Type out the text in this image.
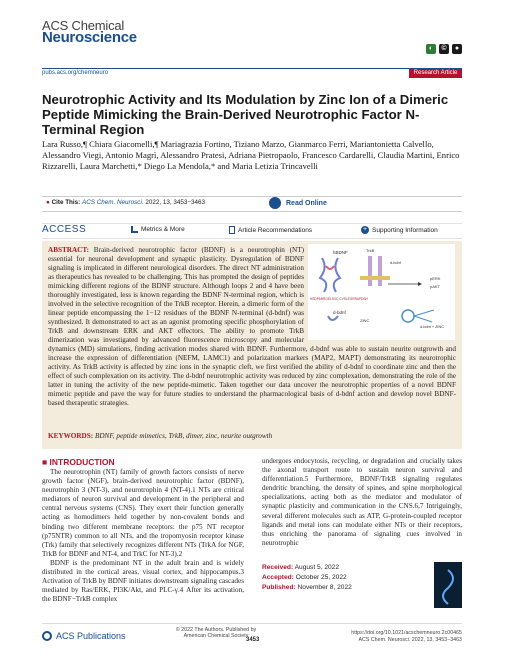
ACS Chemical
Neuroscience
◐	©	●
pubs.acs.org/chemneuro	Research Article
Neurotrophic Activity and Its Modulation by Zinc Ion of a Dimeric Peptide Mimicking the Brain-Derived Neurotrophic Factor N-Terminal Region
Lara Russo,¶ Chiara Giacomelli,¶ Mariagrazia Fortino, Tiziano Marzo, Gianmarco Ferri, Mariantonietta Calvello, Alessandro Viegi, Antonio Magrì, Alessandro Pratesi, Adriana Pietropaolo, Francesco Cardarelli, Claudia Martini, Enrico Rizzarelli, Laura Marchetti,* Diego La Mendola,* and Maria Letizia Trincavelli
● Cite This: ACS Chem. Neurosci. 2022, 13, 3453−3463	Read Online
ACCESS	Metrics & More	Article Recommendations	+ Supporting Information
hBDNF
HSDPARRGELSVC-CVSLEGRRAPDSH
d-bdnf
TrkB
d-bdnf
pERK
pAKT
ZINC
d-bdnf + ZINC
ABSTRACT: Brain-derived neurotrophic factor (BDNF) is a neurotrophin (NT) essential for neuronal development and synaptic plasticity. Dysregulation of BDNF signaling is implicated in different neurological disorders. The direct NT administration as therapeutics has revealed to be challenging. This has prompted the design of peptides mimicking different regions of the BDNF structure. Although loops 2 and 4 have been thoroughly investigated, less is known regarding the BDNF N-terminal region, which is involved in the selective recognition of the TrkB receptor. Herein, a dimeric form of the linear peptide encompassing the 1−12 residues of the BDNF N-terminal (d-bdnf) was synthesized. It demonstrated to act as an agonist promoting specific phosphorylation of TrkB and downstream ERK and AKT effectors. The ability to promote TrkB dimerization was investigated by advanced fluorescence microscopy and molecular dynamics (MD) simulations, finding activation modes shared with BDNF. Furthermore, d-bdnf was able to sustain neurite outgrowth and increase the expression of differentiation (NEFM, LAMC1) and polarization markers (MAP2, MAPT) demonstrating its neurotrophic activity. As TrkB activity is affected by zinc ions in the synaptic cleft, we first verified the ability of d-bdnf to coordinate zinc and then the effect of such complexation on its activity. The d-bdnf neurotrophic activity was reduced by zinc complexation, demonstrating the role of the latter in tuning the activity of the new peptide-mimetic. Taken together our data uncover the neurotrophic properties of a novel BDNF mimetic peptide and pave the way for future studies to understand the pharmacological basis of d-bdnf action and develop novel BDNF-based therapeutic strategies.
KEYWORDS: BDNF, peptide mimetics, TrkB, dimer, zinc, neurite outgrowth
■ INTRODUCTION

The neurotrophin (NT) family of growth factors consists of nerve growth factor (NGF), brain-derived neurotrophic factor (BDNF), neurotrophin 3 (NT-3), and neurotrophin 4 (NT-4).1 NTs are critical mediators of neuron survival and development in the peripheral and central nervous systems (CNS). They exert their function generally acting as homodimers held together by non-covalent bonds and binding two different membrane receptors: the p75 NT receptor (p75NTR) common to all NTs, and the tropomyosin receptor kinase (Trk) family that selectively recognizes different NTs (TrkA for NGF, TrkB for BDNF and NT-4, and TrkC for NT-3).2

BDNF is the predominant NT in the adult brain and is widely distributed in the cortical areas, visual cortex, and hippocampus.3 Activation of TrkB by BDNF initiates downstream signaling cascades mediated by Ras/ERK, PI3K/Akt, and PLC-γ.4 After its activation, the BDNF−TrkB complex

undergoes endocytosis, recycling, or degradation and crucially takes the axonal transport route to sustain neuron survival and differentiation.5 Furthermore, BDNF/TrkB signaling regulates dendritic branching, the density of spines, and spine morphological specializations, acting both as the mediator and modulator of synaptic plasticity and communication in the CNS.6,7 Intriguingly, several different molecules such as ATP, G-protein-coupled receptor ligands and metal ions can modulate either NTs or their receptors, thus enriching the panorama of signaling cues involved in neurotrophic

Received: August 5, 2022
Accepted: October 25, 2022
Published: November 8, 2022
ACS Publications
© 2022 The Authors. Published by American Chemical Society
3453
https://doi.org/10.1021/acschemneuro.2c00465
ACS Chem. Neurosci. 2022, 13, 3453−3463
